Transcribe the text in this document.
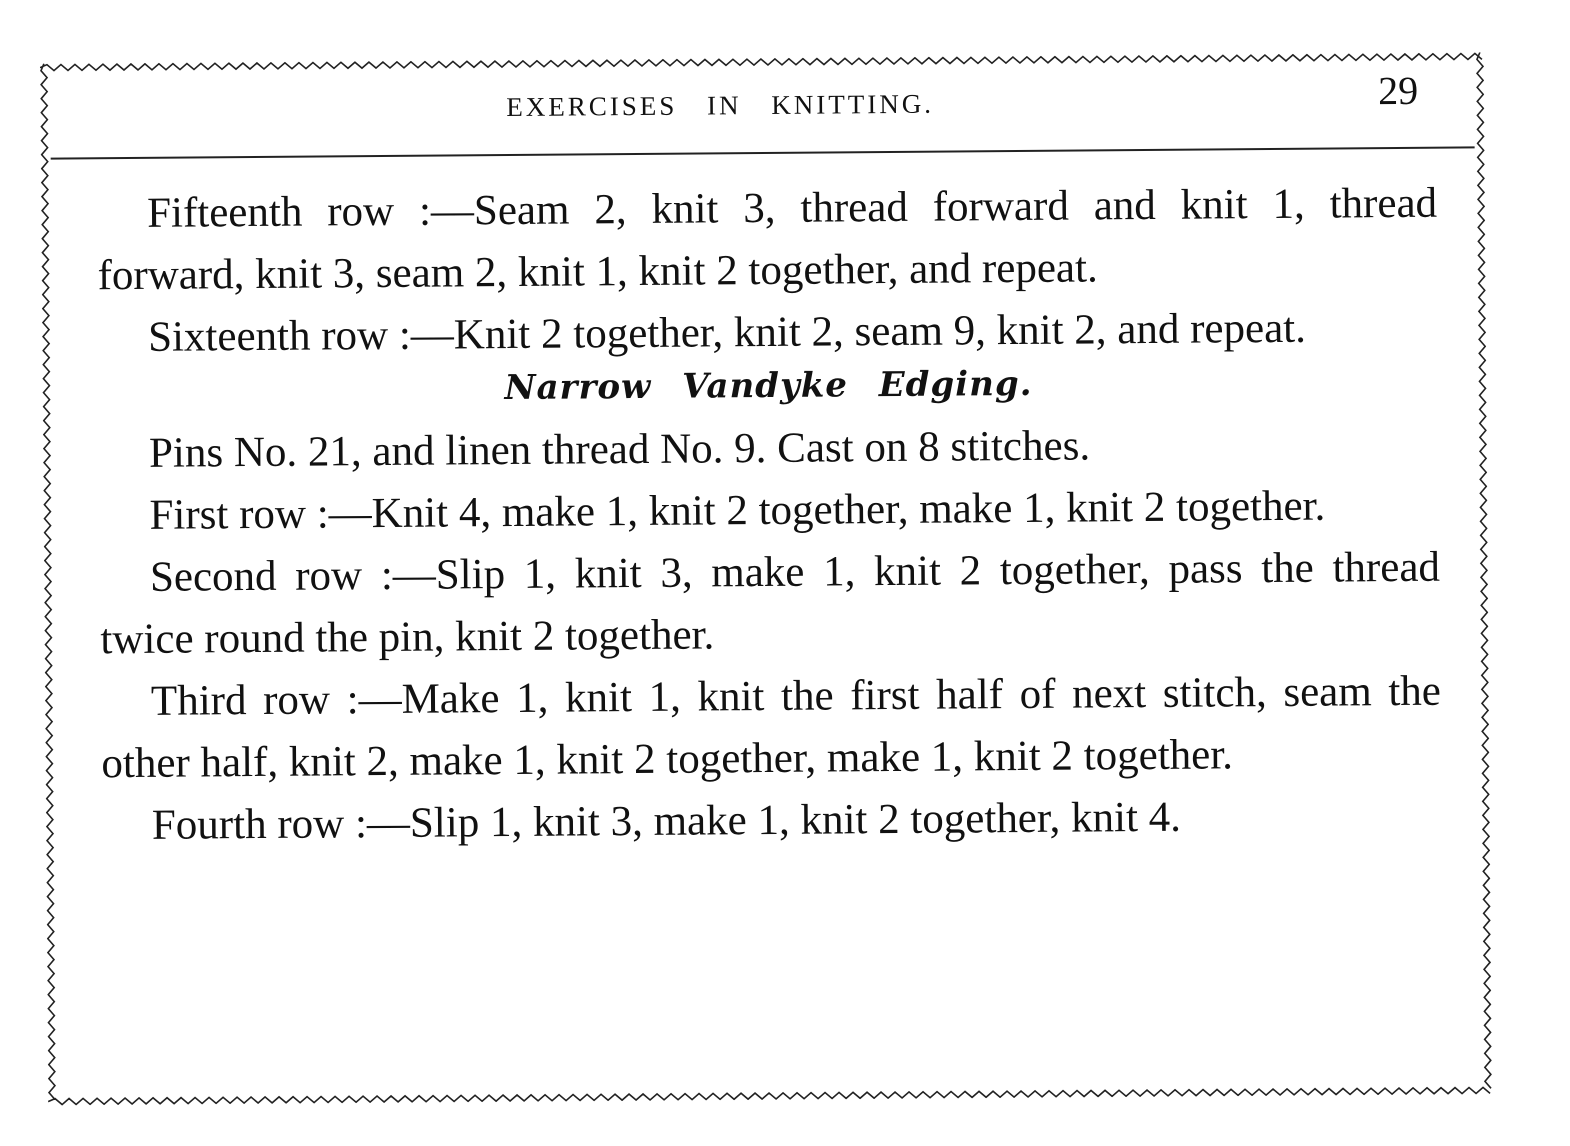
EXERCISES IN KNITTING.	29

Fifteenth row :—Seam 2, knit 3, thread forward and knit 1, thread forward, knit 3, seam 2, knit 1, knit 2 together, and repeat.

Sixteenth row :—Knit 2 together, knit 2, seam 9, knit 2, and repeat.

Narrow Vandyke Edging.

Pins No. 21, and linen thread No. 9. Cast on 8 stitches.

First row :—Knit 4, make 1, knit 2 together, make 1, knit 2 together.

Second row :—Slip 1, knit 3, make 1, knit 2 together, pass the thread twice round the pin, knit 2 together.

Third row :—Make 1, knit 1, knit the first half of next stitch, seam the other half, knit 2, make 1, knit 2 together, make 1, knit 2 together.

Fourth row :—Slip 1, knit 3, make 1, knit 2 together, knit 4.
